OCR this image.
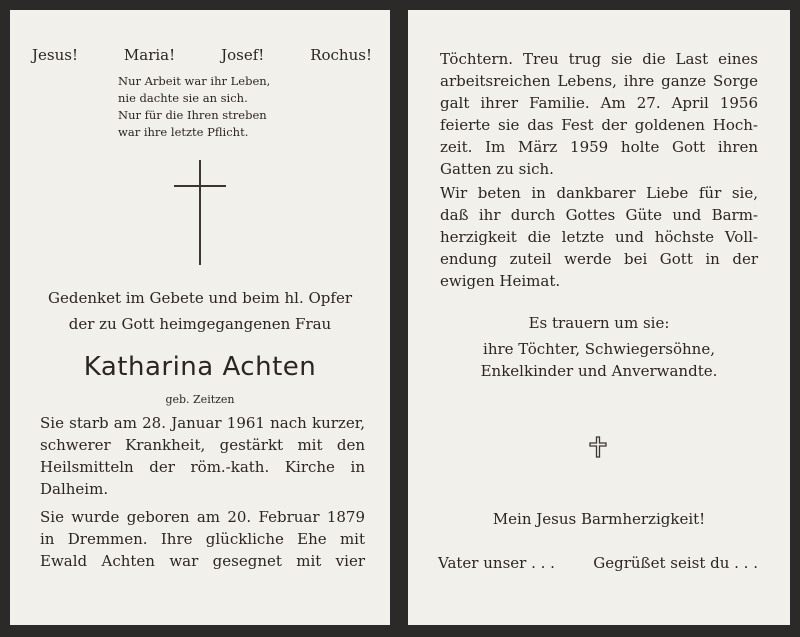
Jesus!	Maria!	Josef!	Rochus!
Nur Arbeit war ihr Leben,
nie dachte sie an sich.
Nur für die Ihren streben
war ihre letzte Pflicht.
Gedenket im Gebete und beim hl. Opfer
der zu Gott heimgegangenen Frau
Katharina Achten
geb. Zeitzen
Sie starb am 28. Januar 1961 nach kurzer,
schwerer Krankheit, gestärkt mit den
Heilsmitteln der röm.-kath. Kirche in
Dalheim.
Sie wurde geboren am 20. Februar 1879
in Dremmen. Ihre glückliche Ehe mit
Ewald Achten war gesegnet mit vier
Töchtern. Treu trug sie die Last eines
arbeitsreichen Lebens, ihre ganze Sorge
galt ihrer Familie. Am 27. April 1956
feierte sie das Fest der goldenen Hoch-
zeit. Im März 1959 holte Gott ihren
Gatten zu sich.
Wir beten in dankbarer Liebe für sie,
daß ihr durch Gottes Güte und Barm-
herzigkeit die letzte und höchste Voll-
endung zuteil werde bei Gott in der
ewigen Heimat.
Es trauern um sie:
ihre Töchter, Schwiegersöhne,
Enkelkinder und Anverwandte.
Mein Jesus Barmherzigkeit!
Vater unser . . .	Gegrüßet seist du . . .
